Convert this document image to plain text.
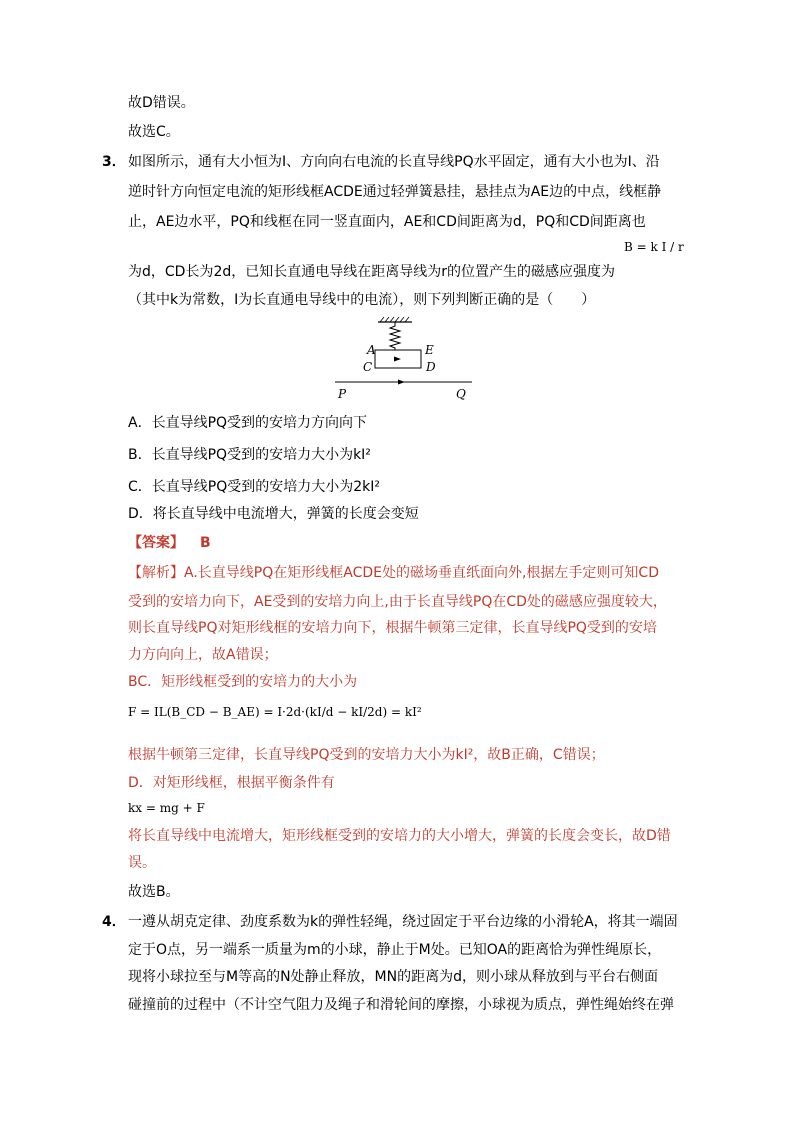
故D错误。
故选C。
3． 如图所示，通有大小恒为I、方向向右电流的长直导线PQ水平固定，通有大小也为I、沿
逆时针方向恒定电流的矩形线框ACDE通过轻弹簧悬挂，悬挂点为AE边的中点，线框静
止，AE边水平，PQ和线框在同一竖直面内，AE和CD间距离为d，PQ和CD间距离也
为d，CD长为2d，已知长直通电导线在距离导线为r的位置产生的磁感应强度为
B = k I / r
（其中k为常数，I为长直通电导线中的电流），则下列判断正确的是（　　）
A	E
C	D
P	Q
A．长直导线PQ受到的安培力方向向下
B．长直导线PQ受到的安培力大小为kI²
C．长直导线PQ受到的安培力大小为2kI²
D．将长直导线中电流增大，弹簧的长度会变短
【答案】 B
【解析】A.长直导线PQ在矩形线框ACDE处的磁场垂直纸面向外,根据左手定则可知CD
受到的安培力向下，AE受到的安培力向上,由于长直导线PQ在CD处的磁感应强度较大，
则长直导线PQ对矩形线框的安培力向下，根据牛顿第三定律，长直导线PQ受到的安培
力方向向上，故A错误；
BC．矩形线框受到的安培力的大小为
F = IL(B_CD − B_AE) = I·2d·(kI/d − kI/2d) = kI²
根据牛顿第三定律，长直导线PQ受到的安培力大小为kI²，故B正确，C错误；
D．对矩形线框，根据平衡条件有
kx = mg + F
将长直导线中电流增大，矩形线框受到的安培力的大小增大，弹簧的长度会变长，故D错
误。
故选B。
4． 一遵从胡克定律、劲度系数为k的弹性轻绳，绕过固定于平台边缘的小滑轮A，将其一端固
定于O点，另一端系一质量为m的小球，静止于M处。已知OA的距离恰为弹性绳原长，
现将小球拉至与M等高的N处静止释放，MN的距离为d，则小球从释放到与平台右侧面
碰撞前的过程中（不计空气阻力及绳子和滑轮间的摩擦，小球视为质点，弹性绳始终在弹
